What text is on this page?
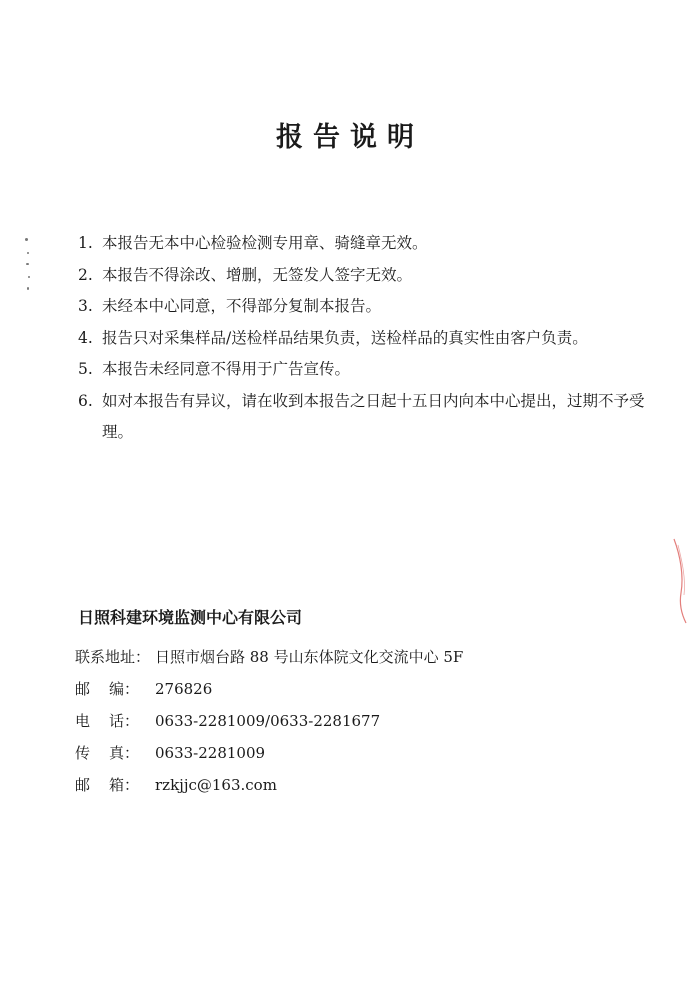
报告说明
1. 本报告无本中心检验检测专用章、骑缝章无效。
2. 本报告不得涂改、增删，无签发人签字无效。
3. 未经本中心同意，不得部分复制本报告。
4. 报告只对采集样品/送检样品结果负责，送检样品的真实性由客户负责。
5. 本报告未经同意不得用于广告宣传。
6. 如对本报告有异议，请在收到本报告之日起十五日内向本中心提出，过期不予受理。
日照科建环境监测中心有限公司
联系地址： 日照市烟台路 88 号山东体院文化交流中心 5F
邮 编： 276826
电 话： 0633-2281009/0633-2281677
传 真： 0633-2281009
邮 箱： rzkjjc@163.com
